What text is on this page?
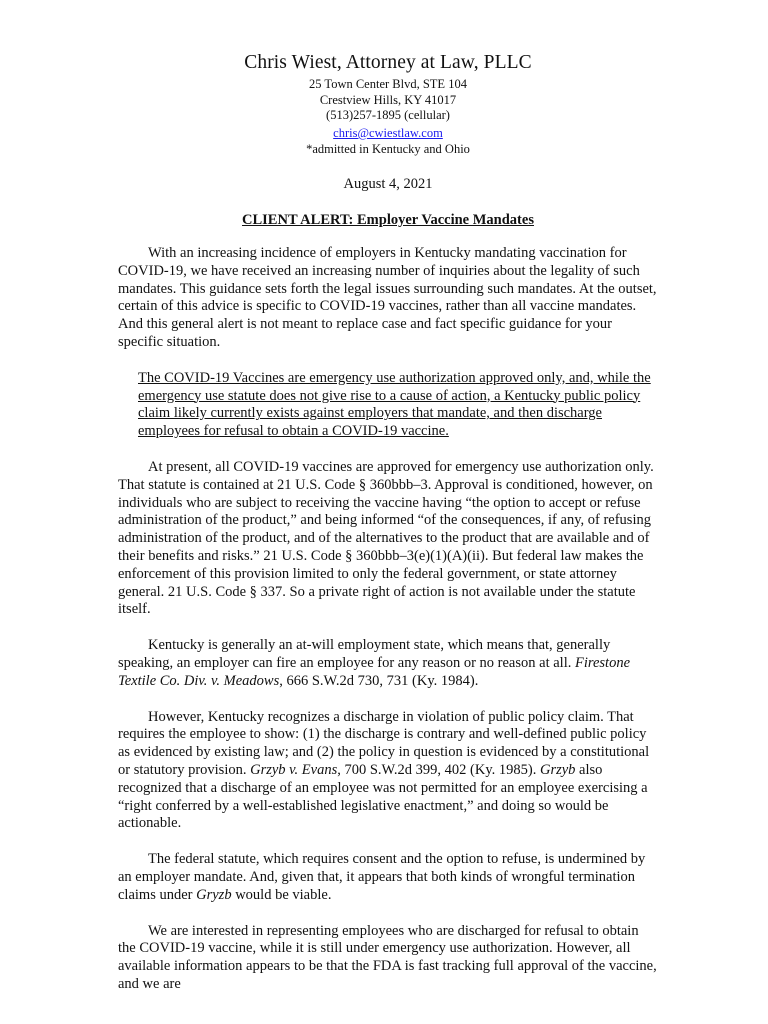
Chris Wiest, Attorney at Law, PLLC
25 Town Center Blvd, STE 104
Crestview Hills, KY 41017
(513)257-1895 (cellular)
chris@cwiestlaw.com
*admitted in Kentucky and Ohio
August 4, 2021
CLIENT ALERT: Employer Vaccine Mandates

With an increasing incidence of employers in Kentucky mandating vaccination for COVID-19, we have received an increasing number of inquiries about the legality of such mandates. This guidance sets forth the legal issues surrounding such mandates. At the outset, certain of this advice is specific to COVID-19 vaccines, rather than all vaccine mandates. And this general alert is not meant to replace case and fact specific guidance for your specific situation.

The COVID-19 Vaccines are emergency use authorization approved only, and, while the emergency use statute does not give rise to a cause of action, a Kentucky public policy claim likely currently exists against employers that mandate, and then discharge employees for refusal to obtain a COVID-19 vaccine.

At present, all COVID-19 vaccines are approved for emergency use authorization only. That statute is contained at 21 U.S. Code § 360bbb–3. Approval is conditioned, however, on individuals who are subject to receiving the vaccine having “the option to accept or refuse administration of the product,” and being informed “of the consequences, if any, of refusing administration of the product, and of the alternatives to the product that are available and of their benefits and risks.” 21 U.S. Code § 360bbb–3(e)(1)(A)(ii). But federal law makes the enforcement of this provision limited to only the federal government, or state attorney general. 21 U.S. Code § 337. So a private right of action is not available under the statute itself.

Kentucky is generally an at-will employment state, which means that, generally speaking, an employer can fire an employee for any reason or no reason at all. Firestone Textile Co. Div. v. Meadows, 666 S.W.2d 730, 731 (Ky. 1984).

However, Kentucky recognizes a discharge in violation of public policy claim. That requires the employee to show: (1) the discharge is contrary and well-defined public policy as evidenced by existing law; and (2) the policy in question is evidenced by a constitutional or statutory provision. Grzyb v. Evans, 700 S.W.2d 399, 402 (Ky. 1985). Grzyb also recognized that a discharge of an employee was not permitted for an employee exercising a “right conferred by a well-established legislative enactment,” and doing so would be actionable.

The federal statute, which requires consent and the option to refuse, is undermined by an employer mandate. And, given that, it appears that both kinds of wrongful termination claims under Gryzb would be viable.

We are interested in representing employees who are discharged for refusal to obtain the COVID-19 vaccine, while it is still under emergency use authorization. However, all available information appears to be that the FDA is fast tracking full approval of the vaccine, and we are
